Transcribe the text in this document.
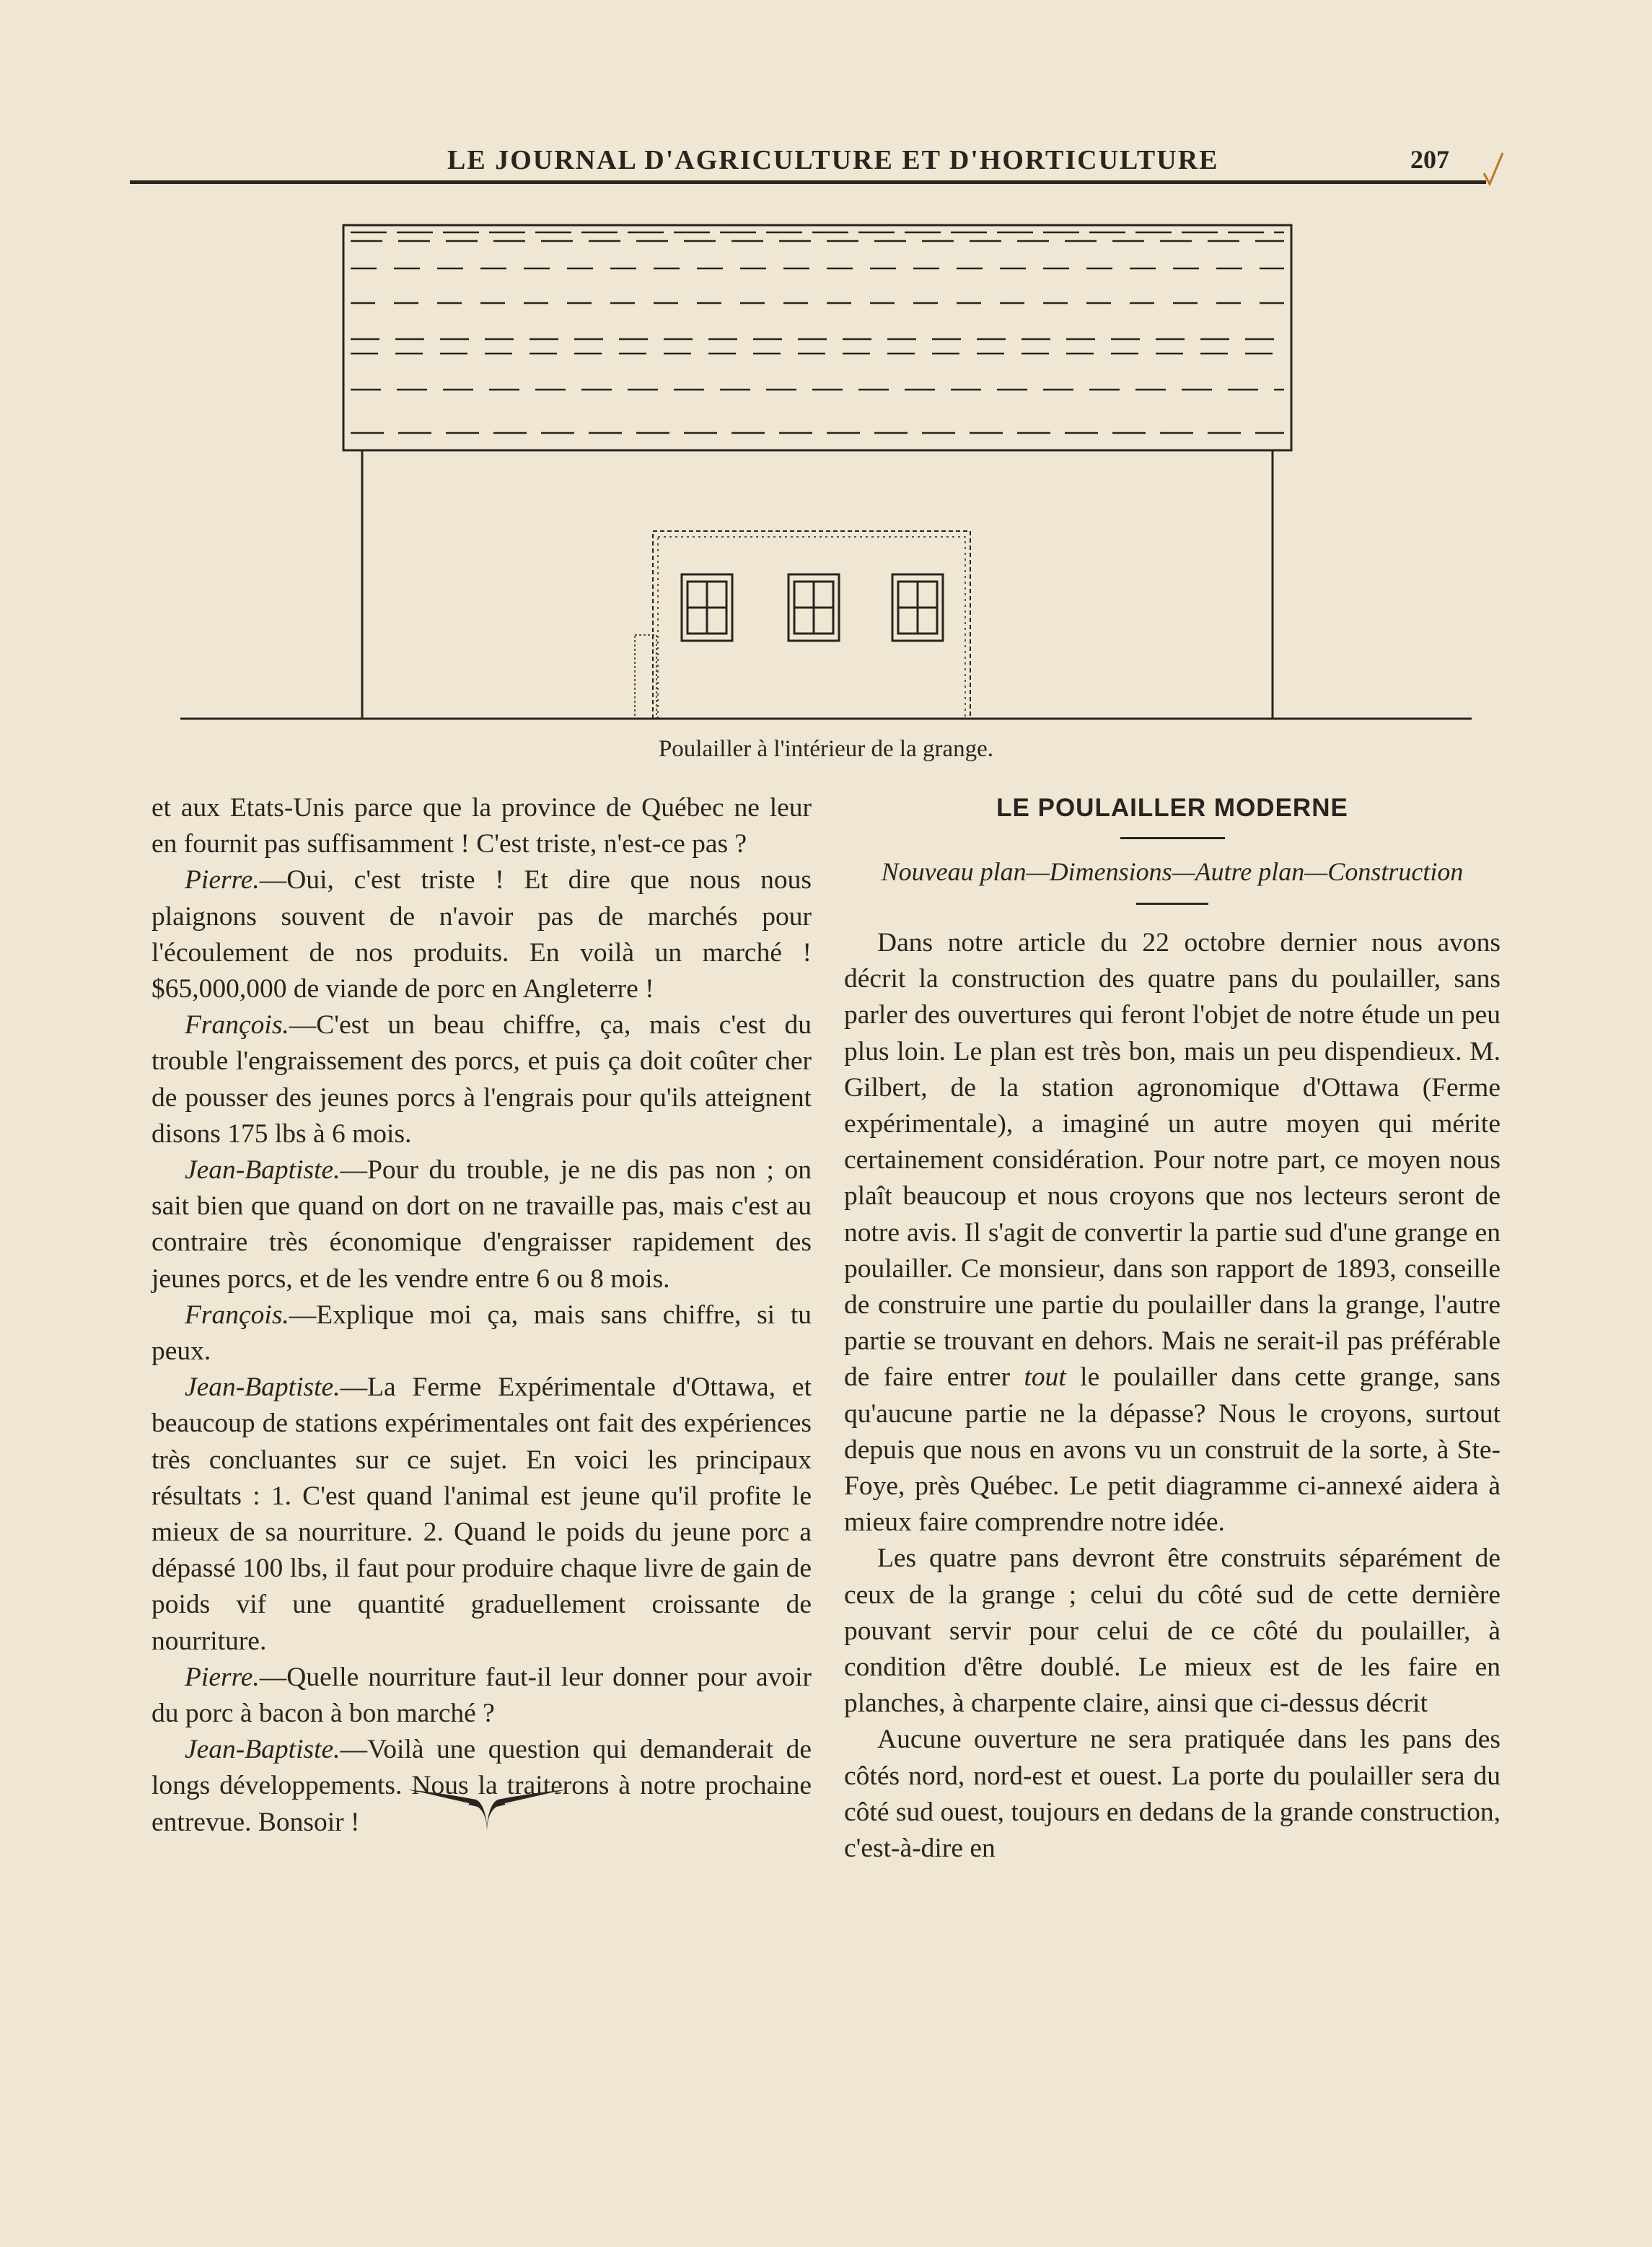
LE JOURNAL D'AGRICULTURE ET D'HORTICULTURE	207
Poulailler à l'intérieur de la grange.

et aux Etats-Unis parce que la province de Québec ne leur en fournit pas suffisamment ! C'est triste, n'est-ce pas ?

Pierre.—Oui, c'est triste ! Et dire que nous nous plaignons souvent de n'avoir pas de marchés pour l'écoulement de nos produits. En voilà un marché ! $65,000,000 de viande de porc en Angleterre !

François.—C'est un beau chiffre, ça, mais c'est du trouble l'engraissement des porcs, et puis ça doit coûter cher de pousser des jeunes porcs à l'engrais pour qu'ils atteignent disons 175 lbs à 6 mois.

Jean-Baptiste.—Pour du trouble, je ne dis pas non ; on sait bien que quand on dort on ne travaille pas, mais c'est au contraire très économique d'engraisser rapidement des jeunes porcs, et de les vendre entre 6 ou 8 mois.

François.—Explique moi ça, mais sans chiffre, si tu peux.

Jean-Baptiste.—La Ferme Expérimentale d'Ottawa, et beaucoup de stations expérimentales ont fait des expériences très concluantes sur ce sujet. En voici les principaux résultats : 1. C'est quand l'animal est jeune qu'il profite le mieux de sa nourriture. 2. Quand le poids du jeune porc a dépassé 100 lbs, il faut pour produire chaque livre de gain de poids vif une quantité graduellement croissante de nourriture.

Pierre.—Quelle nourriture faut-il leur donner pour avoir du porc à bacon à bon marché ?

Jean-Baptiste.—Voilà une question qui demanderait de longs développements. Nous la traiterons à notre prochaine entrevue. Bonsoir !

LE POULAILLER MODERNE

Nouveau plan—Dimensions—Autre plan—Construction

Dans notre article du 22 octobre dernier nous avons décrit la construction des quatre pans du poulailler, sans parler des ouvertures qui feront l'objet de notre étude un peu plus loin. Le plan est très bon, mais un peu dispendieux. M. Gilbert, de la station agronomique d'Ottawa (Ferme expérimentale), a imaginé un autre moyen qui mérite certainement considération. Pour notre part, ce moyen nous plaît beaucoup et nous croyons que nos lecteurs seront de notre avis. Il s'agit de convertir la partie sud d'une grange en poulailler. Ce monsieur, dans son rapport de 1893, conseille de construire une partie du poulailler dans la grange, l'autre partie se trouvant en dehors. Mais ne serait-il pas préférable de faire entrer tout le poulailler dans cette grange, sans qu'aucune partie ne la dépasse? Nous le croyons, surtout depuis que nous en avons vu un construit de la sorte, à Ste-Foye, près Québec. Le petit diagramme ci-annexé aidera à mieux faire comprendre notre idée.

Les quatre pans devront être construits séparément de ceux de la grange ; celui du côté sud de cette dernière pouvant servir pour celui de ce côté du poulailler, à condition d'être doublé. Le mieux est de les faire en planches, à charpente claire, ainsi que ci-dessus décrit

Aucune ouverture ne sera pratiquée dans les pans des côtés nord, nord-est et ouest. La porte du poulailler sera du côté sud ouest, toujours en dedans de la grande construction, c'est-à-dire en
